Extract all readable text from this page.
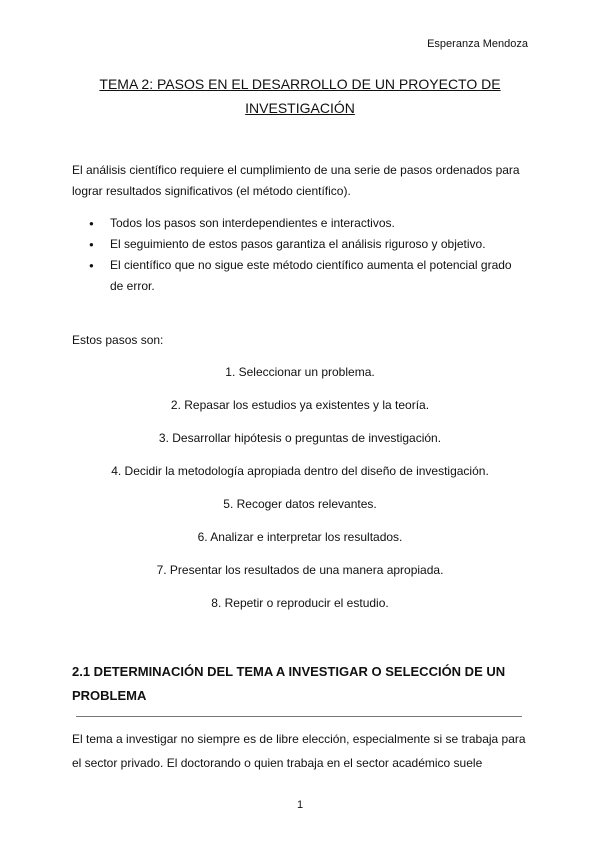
Esperanza Mendoza
TEMA 2: PASOS EN EL DESARROLLO DE UN PROYECTO DE INVESTIGACIÓN

El análisis científico requiere el cumplimiento de una serie de pasos ordenados para lograr resultados significativos (el método científico).

● Todos los pasos son interdependientes e interactivos.
● El seguimiento de estos pasos garantiza el análisis riguroso y objetivo.
● El científico que no sigue este método científico aumenta el potencial grado de error.

Estos pasos son:

1. Seleccionar un problema.
2. Repasar los estudios ya existentes y la teoría.
3. Desarrollar hipótesis o preguntas de investigación.
4. Decidir la metodología apropiada dentro del diseño de investigación.
5. Recoger datos relevantes.
6. Analizar e interpretar los resultados.
7. Presentar los resultados de una manera apropiada.
8. Repetir o reproducir el estudio.
2.1 DETERMINACIÓN DEL TEMA A INVESTIGAR O SELECCIÓN DE UN PROBLEMA

El tema a investigar no siempre es de libre elección, especialmente si se trabaja para el sector privado. El doctorando o quien trabaja en el sector académico suele

1
